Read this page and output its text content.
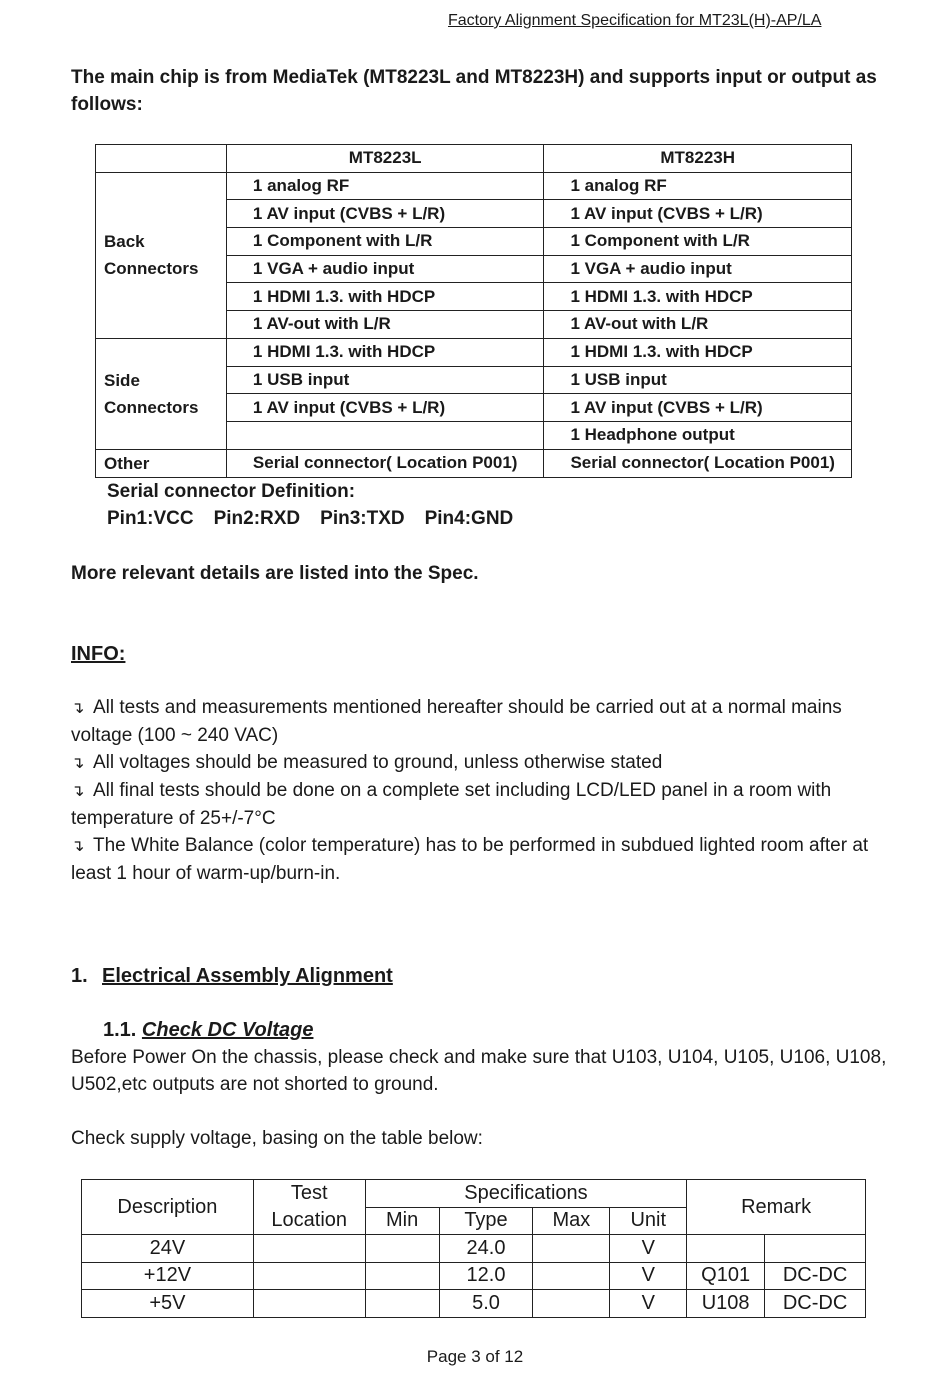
Factory Alignment Specification for MT23L(H)-AP/LA

The main chip is from MediaTek (MT8223L and MT8223H) and supports input or output as follows:

	MT8223L	MT8223H
Back
Connectors	1 analog RF	1 analog RF
	1 AV input (CVBS + L/R)	1 AV input (CVBS + L/R)
	1 Component with L/R	1 Component with L/R
	1 VGA + audio input	1 VGA + audio input
	1 HDMI 1.3. with HDCP	1 HDMI 1.3. with HDCP
	1 AV-out with L/R	1 AV-out with L/R
Side
Connectors	1 HDMI 1.3. with HDCP	1 HDMI 1.3. with HDCP
	1 USB input	1 USB input
	1 AV input (CVBS + L/R)	1 AV input (CVBS + L/R)
		1 Headphone output
Other	Serial connector( Location P001)	Serial connector( Location P001)
Serial connector Definition:
Pin1:VCC Pin2:RXD Pin3:TXD Pin4:GND
More relevant details are listed into the Spec.
INFO:
↴ All tests and measurements mentioned hereafter should be carried out at a normal mains voltage (100 ~ 240 VAC)
↴ All voltages should be measured to ground, unless otherwise stated
↴ All final tests should be done on a complete set including LCD/LED panel in a room with temperature of 25+/-7°C
↴ The White Balance (color temperature) has to be performed in subdued lighted room after at least 1 hour of warm-up/burn-in.
1. Electrical Assembly Alignment
1.1. Check DC Voltage

Before Power On the chassis, please check and make sure that U103, U104, U105, U106, U108, U502,etc outputs are not shorted to ground.

Check supply voltage, basing on the table below:

Description	Test Location	Specifications				Remark	
		Min	Type	Max	Unit		
24V			24.0		V		
+12V			12.0		V	Q101	DC-DC
+5V			5.0		V	U108	DC-DC
Page 3 of 12
